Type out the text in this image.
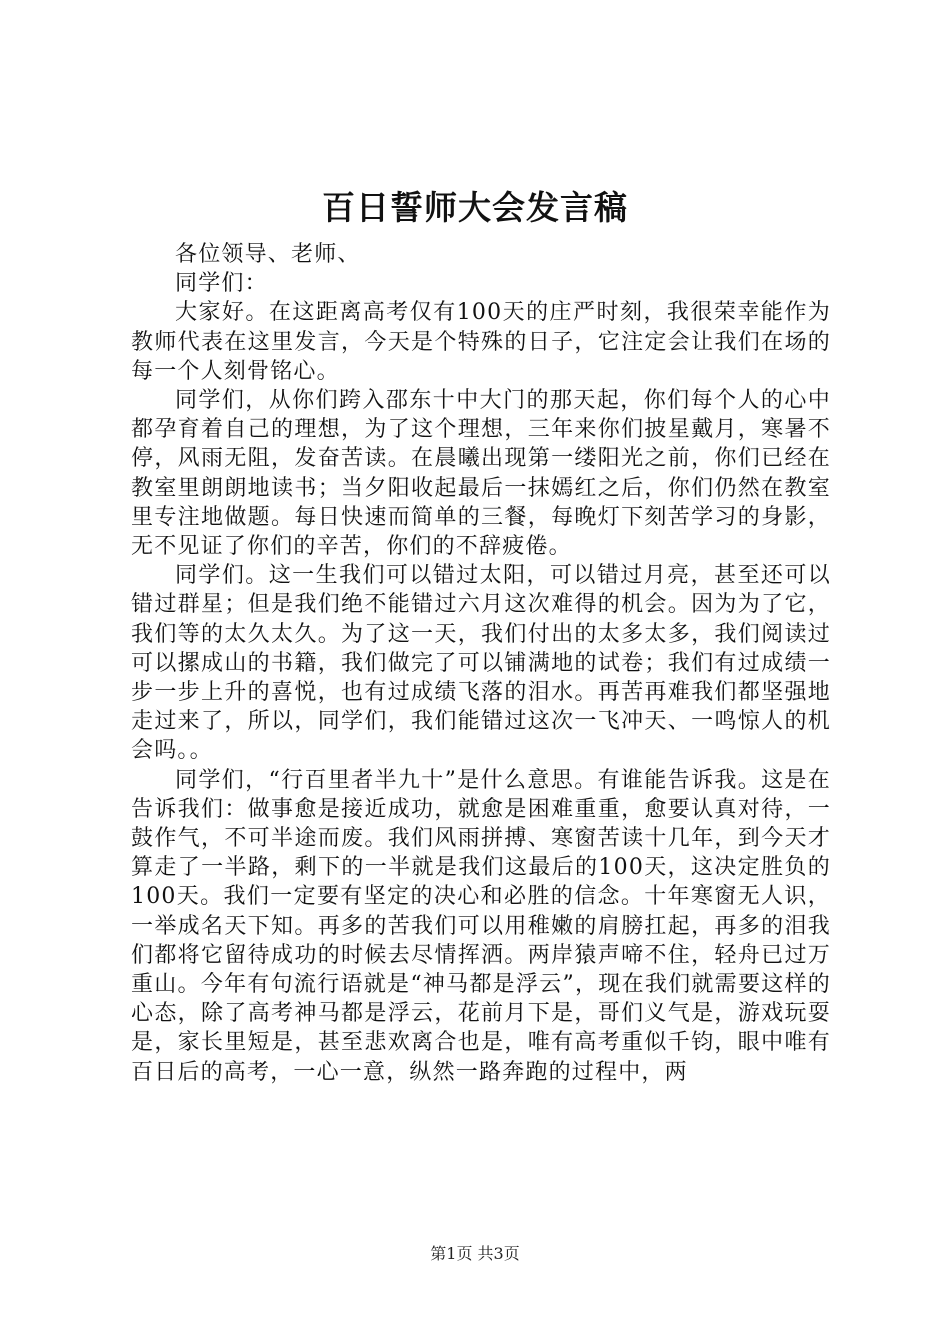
百日誓师大会发言稿

各位领导、老师、

同学们：

大家好。在这距离高考仅有100天的庄严时刻，我很荣幸能作为教师代表在这里发言，今天是个特殊的日子，它注定会让我们在场的每一个人刻骨铭心。

同学们，从你们跨入邵东十中大门的那天起，你们每个人的心中都孕育着自己的理想，为了这个理想，三年来你们披星戴月，寒暑不停，风雨无阻，发奋苦读。在晨曦出现第一缕阳光之前，你们已经在教室里朗朗地读书；当夕阳收起最后一抹嫣红之后，你们仍然在教室里专注地做题。每日快速而简单的三餐，每晚灯下刻苦学习的身影，无不见证了你们的辛苦，你们的不辞疲倦。

同学们。这一生我们可以错过太阳，可以错过月亮，甚至还可以错过群星；但是我们绝不能错过六月这次难得的机会。因为为了它，我们等的太久太久。为了这一天，我们付出的太多太多，我们阅读过可以摞成山的书籍，我们做完了可以铺满地的试卷；我们有过成绩一步一步上升的喜悦，也有过成绩飞落的泪水。再苦再难我们都坚强地走过来了，所以，同学们，我们能错过这次一飞冲天、一鸣惊人的机会吗。。

同学们，“行百里者半九十”是什么意思。有谁能告诉我。这是在告诉我们：做事愈是接近成功，就愈是困难重重，愈要认真对待，一鼓作气，不可半途而废。我们风雨拼搏、寒窗苦读十几年，到今天才算走了一半路，剩下的一半就是我们这最后的100天，这决定胜负的100天。我们一定要有坚定的决心和必胜的信念。十年寒窗无人识，一举成名天下知。再多的苦我们可以用稚嫩的肩膀扛起，再多的泪我们都将它留待成功的时候去尽情挥洒。两岸猿声啼不住，轻舟已过万重山。今年有句流行语就是“神马都是浮云”，现在我们就需要这样的心态，除了高考神马都是浮云，花前月下是，哥们义气是，游戏玩耍是，家长里短是，甚至悲欢离合也是，唯有高考重似千钧，眼中唯有百日后的高考，一心一意，纵然一路奔跑的过程中，两

第1页 共3页
